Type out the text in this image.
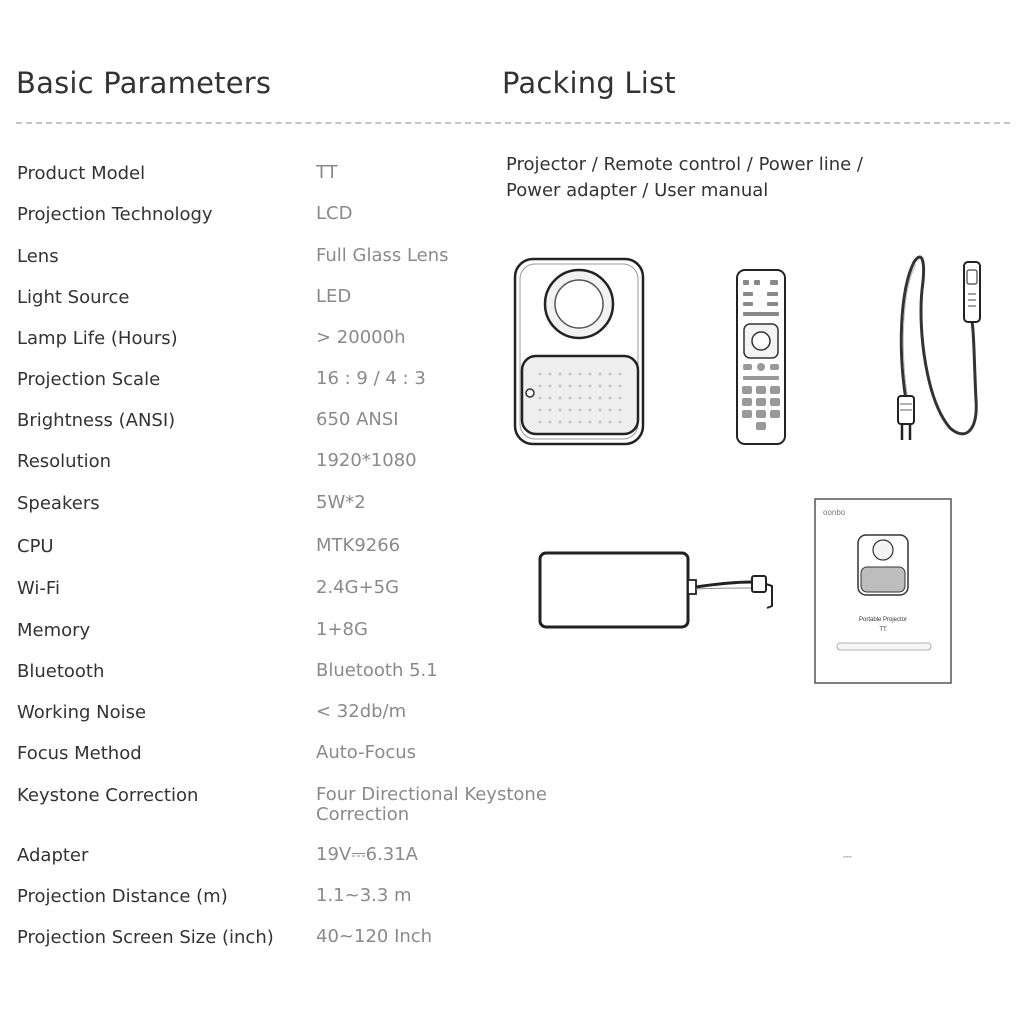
Basic Parameters	Packing List
Product Model	TT
Projection Technology	LCD
Lens	Full Glass Lens
Light Source	LED
Lamp Life (Hours)	> 20000h
Projection Scale	16 : 9 / 4 : 3
Brightness (ANSI)	650 ANSI
Resolution	1920*1080
Speakers	5W*2
CPU	MTK9266
Wi-Fi	2.4G+5G
Memory	1+8G
Bluetooth	Bluetooth 5.1
Working Noise	< 32db/m
Focus Method	Auto-Focus
Keystone Correction	Four Directional Keystone Correction
Adapter	19V⎓6.31A
Projection Distance (m)	1.1~3.3 m
Projection Screen Size (inch) 40~120 Inch
Projector / Remote control / Power line /
Power adapter / User manual
oonbo
Portable Projector
TT
⎓
